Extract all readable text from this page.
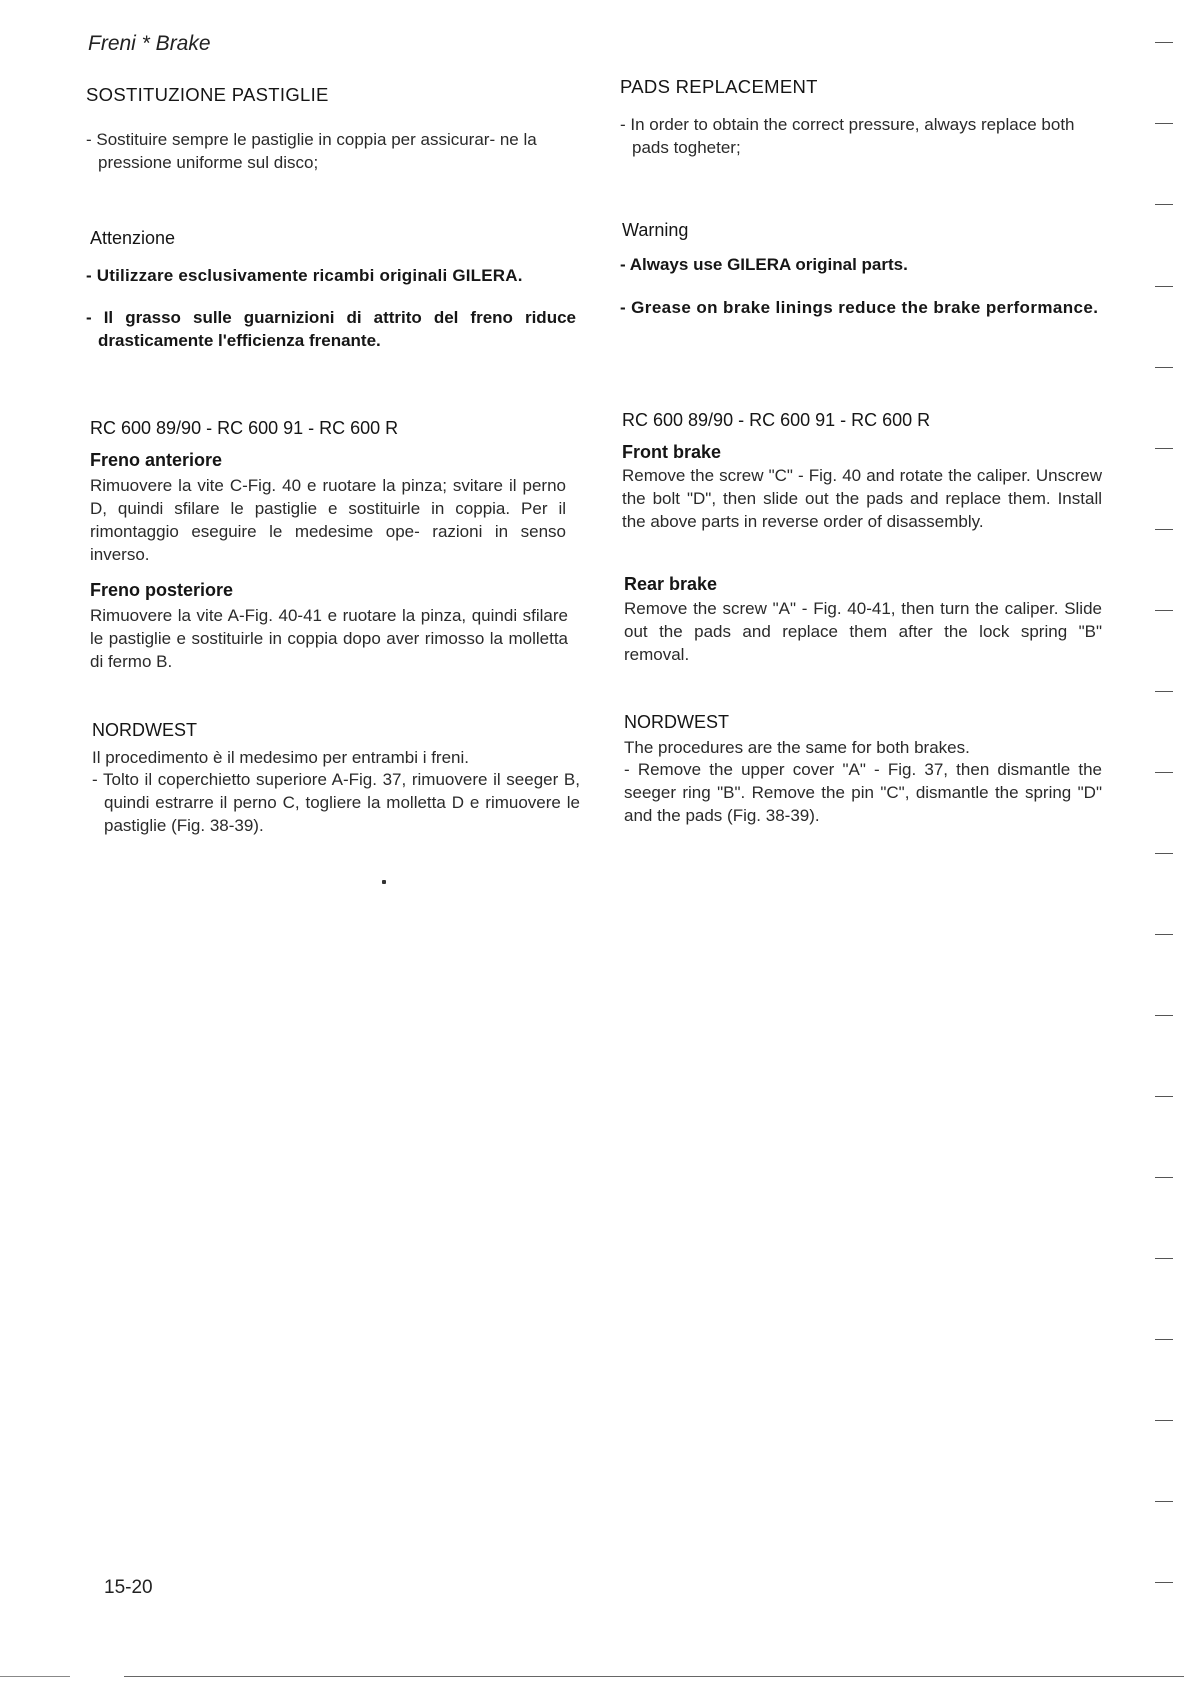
Freni * Brake
SOSTITUZIONE PASTIGLIE
- Sostituire sempre le pastiglie in coppia per assicurar- ne la pressione uniforme sul disco;
Attenzione
- Utilizzare esclusivamente ricambi originali GILERA.
- Il grasso sulle guarnizioni di attrito del freno riduce drasticamente l'efficienza frenante.
RC 600 89/90 - RC 600 91 - RC 600 R
Freno anteriore
Rimuovere la vite C-Fig. 40 e ruotare la pinza; svitare il perno D, quindi sfilare le pastiglie e sostituirle in coppia. Per il rimontaggio eseguire le medesime ope- razioni in senso inverso.
Freno posteriore
Rimuovere la vite A-Fig. 40-41 e ruotare la pinza, quindi sfilare le pastiglie e sostituirle in coppia dopo aver rimosso la molletta di fermo B.
NORDWEST
Il procedimento è il medesimo per entrambi i freni.
- Tolto il coperchietto superiore A-Fig. 37, rimuovere il seeger B, quindi estrarre il perno C, togliere la molletta D e rimuovere le pastiglie (Fig. 38-39).
PADS REPLACEMENT
- In order to obtain the correct pressure, always replace both pads togheter;
Warning
- Always use GILERA original parts.
- Grease on brake linings reduce the brake performance.
RC 600 89/90 - RC 600 91 - RC 600 R
Front brake
Remove the screw "C" - Fig. 40 and rotate the caliper. Unscrew the bolt "D", then slide out the pads and replace them. Install the above parts in reverse order of disassembly.
Rear brake
Remove the screw "A" - Fig. 40-41, then turn the caliper. Slide out the pads and replace them after the lock spring "B" removal.
NORDWEST
The procedures are the same for both brakes.
- Remove the upper cover "A" - Fig. 37, then dismantle the seeger ring "B". Remove the pin "C", dismantle the spring "D" and the pads (Fig. 38-39).
15-20
